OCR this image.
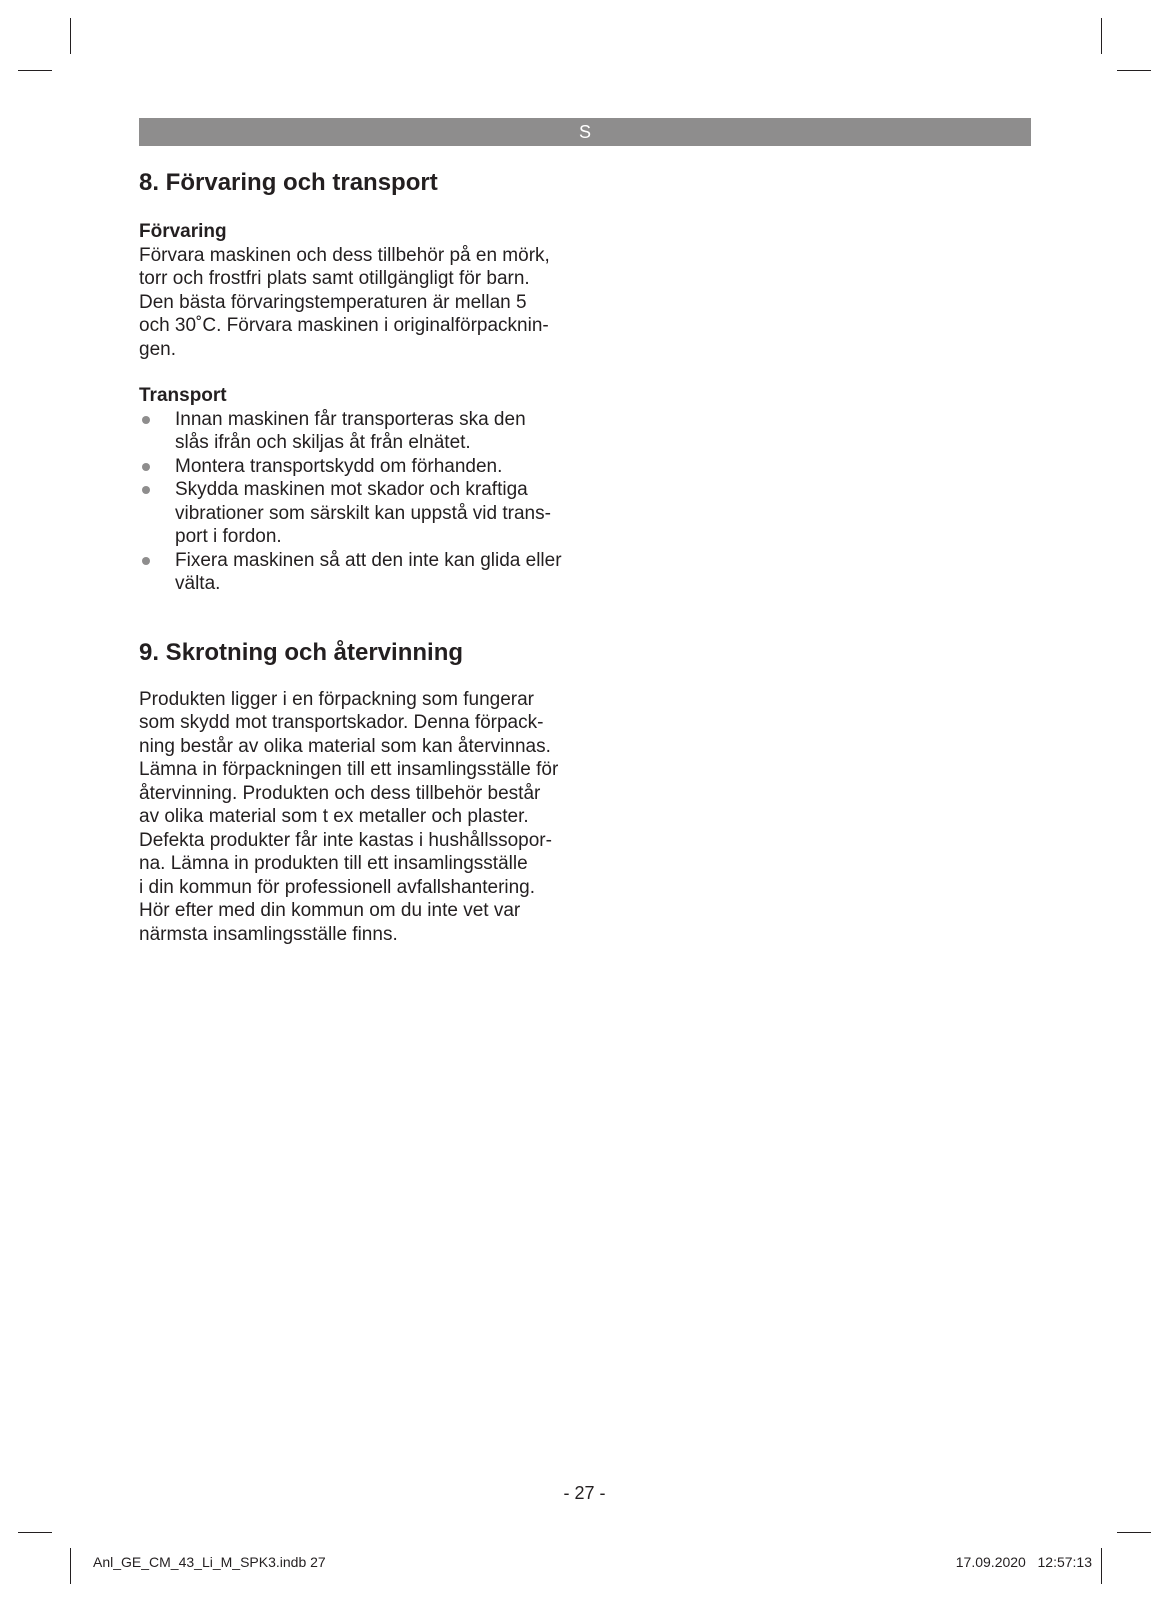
S
8. Förvaring och transport
Förvaring

Förvara maskinen och dess tillbehör på en mörk,
torr och frostfri plats samt otillgängligt för barn.
Den bästa förvaringstemperaturen är mellan 5
och 30˚C. Förvara maskinen i originalförpacknin-
gen.

Transport
Innan maskinen får transporteras ska den
slås ifrån och skiljas åt från elnätet.
Montera transportskydd om förhanden.
Skydda maskinen mot skador och kraftiga
vibrationer som särskilt kan uppstå vid trans-
port i fordon.
Fixera maskinen så att den inte kan glida eller
välta.
9. Skrotning och återvinning

Produkten ligger i en förpackning som fungerar
som skydd mot transportskador. Denna förpack-
ning består av olika material som kan återvinnas.
Lämna in förpackningen till ett insamlingsställe för
återvinning. Produkten och dess tillbehör består
av olika material som t ex metaller och plaster.
Defekta produkter får inte kastas i hushållssopor-
na. Lämna in produkten till ett insamlingsställe
i din kommun för professionell avfallshantering.
Hör efter med din kommun om du inte vet var
närmsta insamlingsställe finns.

- 27 -
Anl_GE_CM_43_Li_M_SPK3.indb 27	17.09.2020   12:57:13
